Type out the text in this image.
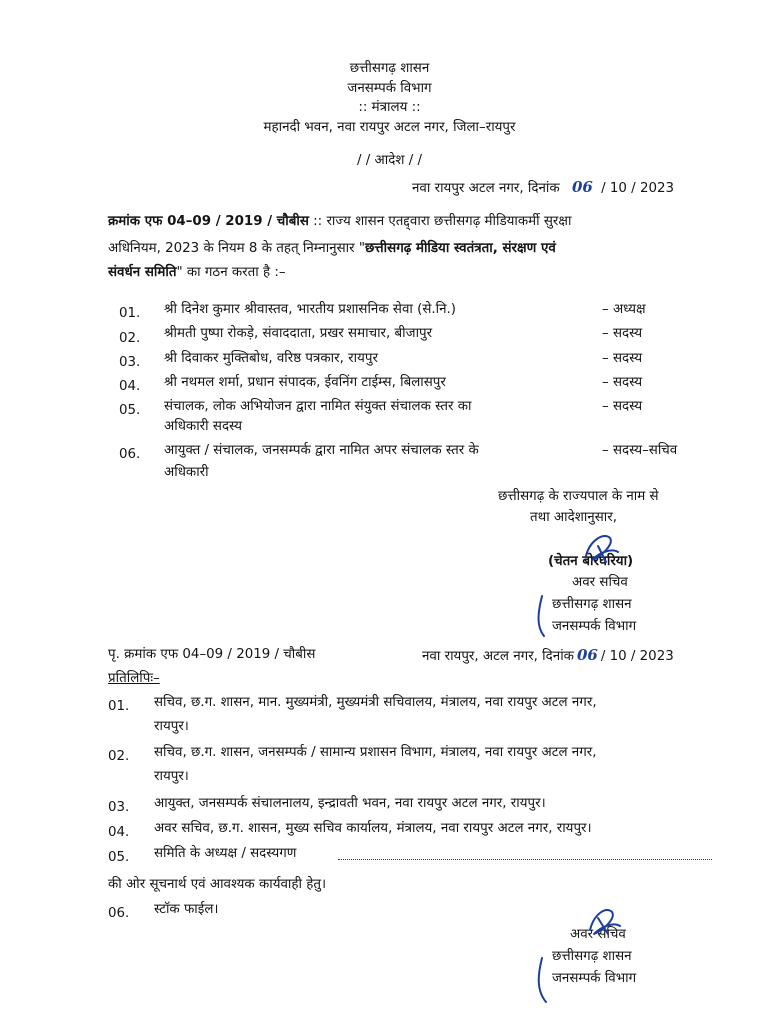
छत्तीसगढ़ शासन
जनसम्पर्क विभाग
:: मंत्रालय ::
महानदी भवन, नवा रायपुर अटल नगर, जिला–रायपुर
/ / आदेश / /
नवा रायपुर अटल नगर, दिनांक 06 / 10 / 2023
क्रमांक एफ 04–09 / 2019 / चौबीस :: राज्य शासन एतद्द्वारा छत्तीसगढ़ मीडियाकर्मी सुरक्षा
अधिनियम, 2023 के नियम 8 के तहत् निम्नानुसार "छत्तीसगढ़ मीडिया स्वतंत्रता, संरक्षण एवं
संवर्धन समिति" का गठन करता है :–
01. श्री दिनेश कुमार श्रीवास्तव, भारतीय प्रशासनिक सेवा (से.नि.)	– अध्यक्ष
02. श्रीमती पुष्पा रोकड़े, संवाददाता, प्रखर समाचार, बीजापुर	– सदस्य
03. श्री दिवाकर मुक्तिबोध, वरिष्ठ पत्रकार, रायपुर	– सदस्य
04. श्री नथमल शर्मा, प्रधान संपादक, ईवनिंग टाईम्स, बिलासपुर	– सदस्य
05. संचालक, लोक अभियोजन द्वारा नामित संयुक्त संचालक स्तर का
अधिकारी सदस्य
– सदस्य
06. आयुक्त / संचालक, जनसम्पर्क द्वारा नामित अपर संचालक स्तर के
अधिकारी
– सदस्य–सचिव
छत्तीसगढ़ के राज्यपाल के नाम से
तथा आदेशानुसार,
(चेतन बोरघरिया)
अवर सचिव
छत्तीसगढ़ शासन
जनसम्पर्क विभाग
पृ. क्रमांक एफ 04–09 / 2019 / चौबीस	नवा रायपुर, अटल नगर, दिनांक 06 / 10 / 2023
प्रतिलिपिः–
01. सचिव, छ.ग. शासन, मान. मुख्यमंत्री, मुख्यमंत्री सचिवालय, मंत्रालय, नवा रायपुर अटल नगर,
रायपुर।
02. सचिव, छ.ग. शासन, जनसम्पर्क / सामान्य प्रशासन विभाग, मंत्रालय, नवा रायपुर अटल नगर,
रायपुर।
03. आयुक्त, जनसम्पर्क संचालनालय, इन्द्रावती भवन, नवा रायपुर अटल नगर, रायपुर।
04. अवर सचिव, छ.ग. शासन, मुख्य सचिव कार्यालय, मंत्रालय, नवा रायपुर अटल नगर, रायपुर।
05. समिति के अध्यक्ष / सदस्यगण
की ओर सूचनार्थ एवं आवश्यक कार्यवाही हेतु।
06. स्टॉक फाईल।
अवर सचिव
छत्तीसगढ़ शासन
जनसम्पर्क विभाग
